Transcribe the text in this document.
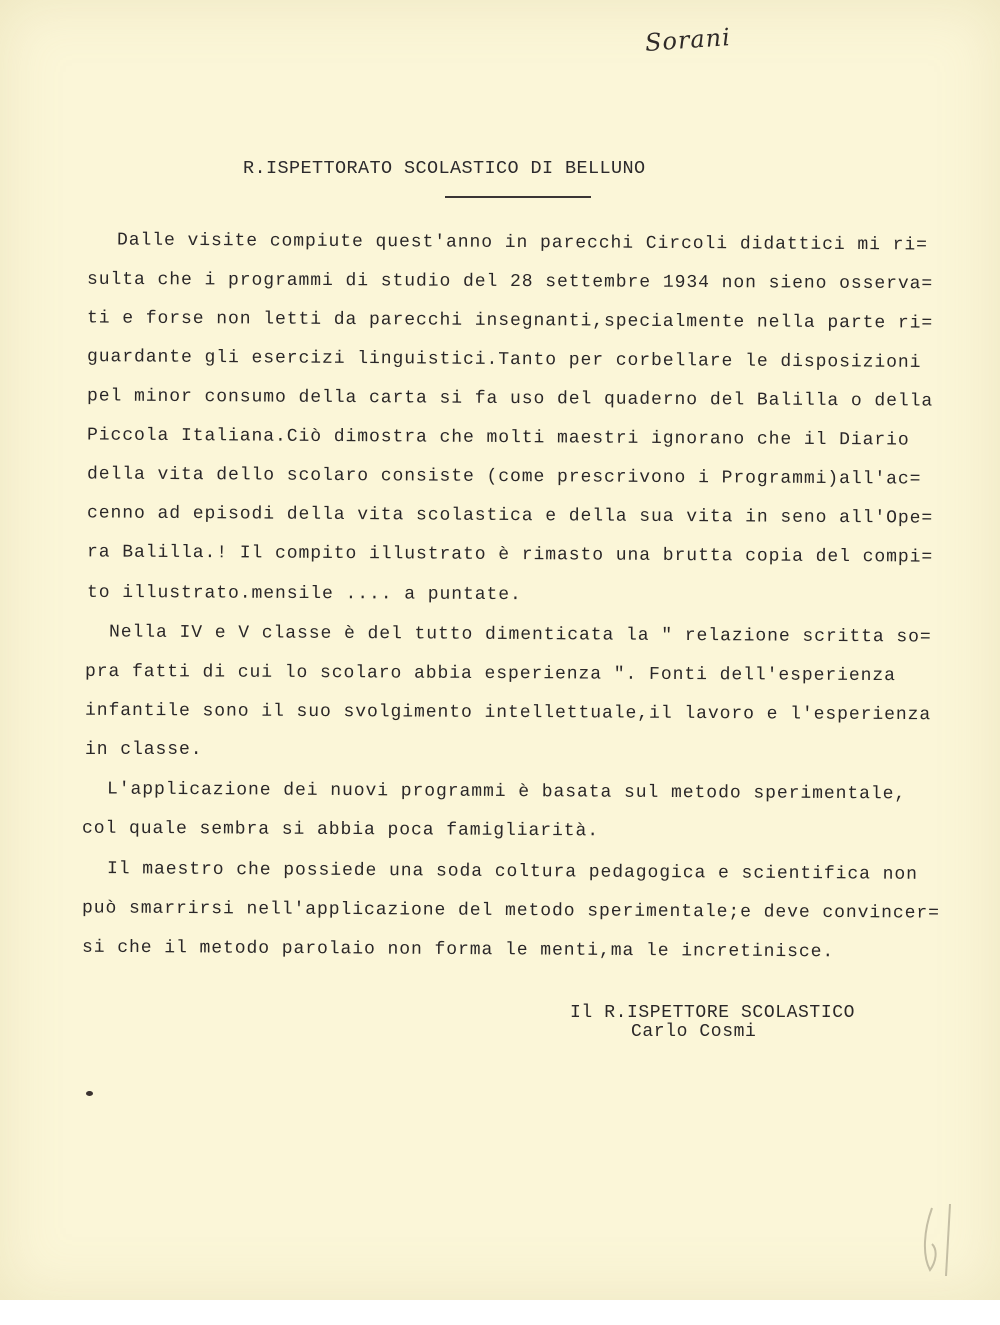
Sorani
R.ISPETTORATO SCOLASTICO DI BELLUNO
Dalle visite compiute quest'anno in parecchi Circoli didattici mi ri=
sulta che i programmi di studio del 28 settembre 1934 non sieno osserva=
ti e forse non letti da parecchi insegnanti,specialmente nella parte ri=
guardante gli esercizi linguistici.Tanto per corbellare le disposizioni
pel minor consumo della carta si fa uso del quaderno del Balilla o della
Piccola Italiana.Ciò dimostra che molti maestri ignorano che il Diario
della vita dello scolaro consiste (come prescrivono i Programmi)all'ac=
cenno ad episodi della vita scolastica e della sua vita in seno all'Ope=
ra Balilla.! Il compito illustrato è rimasto una brutta copia del compi=
to illustrato.mensile .... a puntate.
Nella IV e V classe è del tutto dimenticata la " relazione scritta so=
pra fatti di cui lo scolaro abbia esperienza ". Fonti dell'esperienza
infantile sono il suo svolgimento intellettuale,il lavoro e l'esperienza
in classe.
L'applicazione dei nuovi programmi è basata sul metodo sperimentale,
col quale sembra si abbia poca famigliarità.
Il maestro che possiede una soda coltura pedagogica e scientifica non
può smarrirsi nell'applicazione del metodo sperimentale;e deve convincer=
si che il metodo parolaio non forma le menti,ma le incretinisce.
Il R.ISPETTORE SCOLASTICO
Carlo Cosmi
61
